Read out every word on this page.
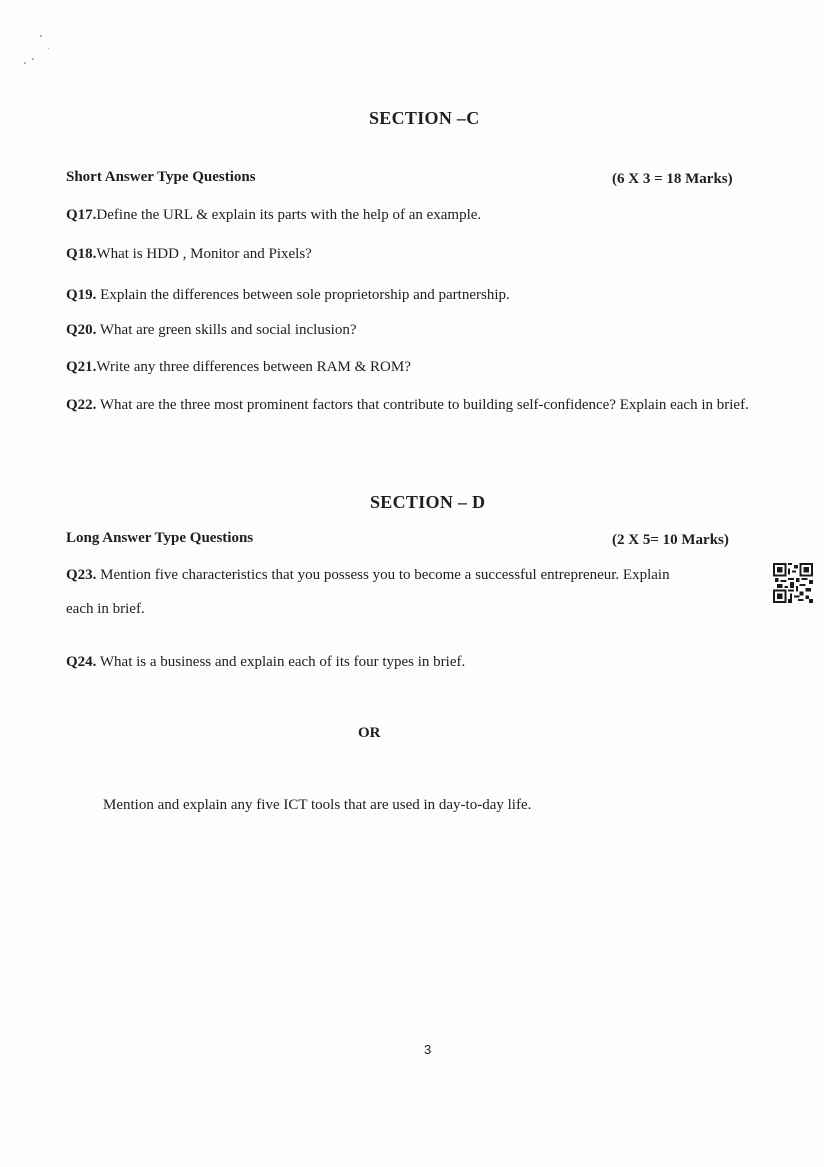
SECTION –C
Short Answer Type Questions	(6 X 3 = 18 Marks)
Q17.Define the URL & explain its parts with the help of an example.
Q18.What is HDD , Monitor and Pixels?
Q19. Explain the differences between sole proprietorship and partnership.
Q20. What are green skills and social inclusion?
Q21.Write any three differences between RAM & ROM?
Q22. What are the three most prominent factors that contribute to building self-confidence? Explain each in brief.
SECTION – D
Long Answer Type Questions	(2 X 5= 10 Marks)
Q23. Mention five characteristics that you possess you to become a successful entrepreneur. Explain
each in brief.
Q24. What is a business and explain each of its four types in brief.
OR
Mention and explain any five ICT tools that are used in day-to-day life.
3
